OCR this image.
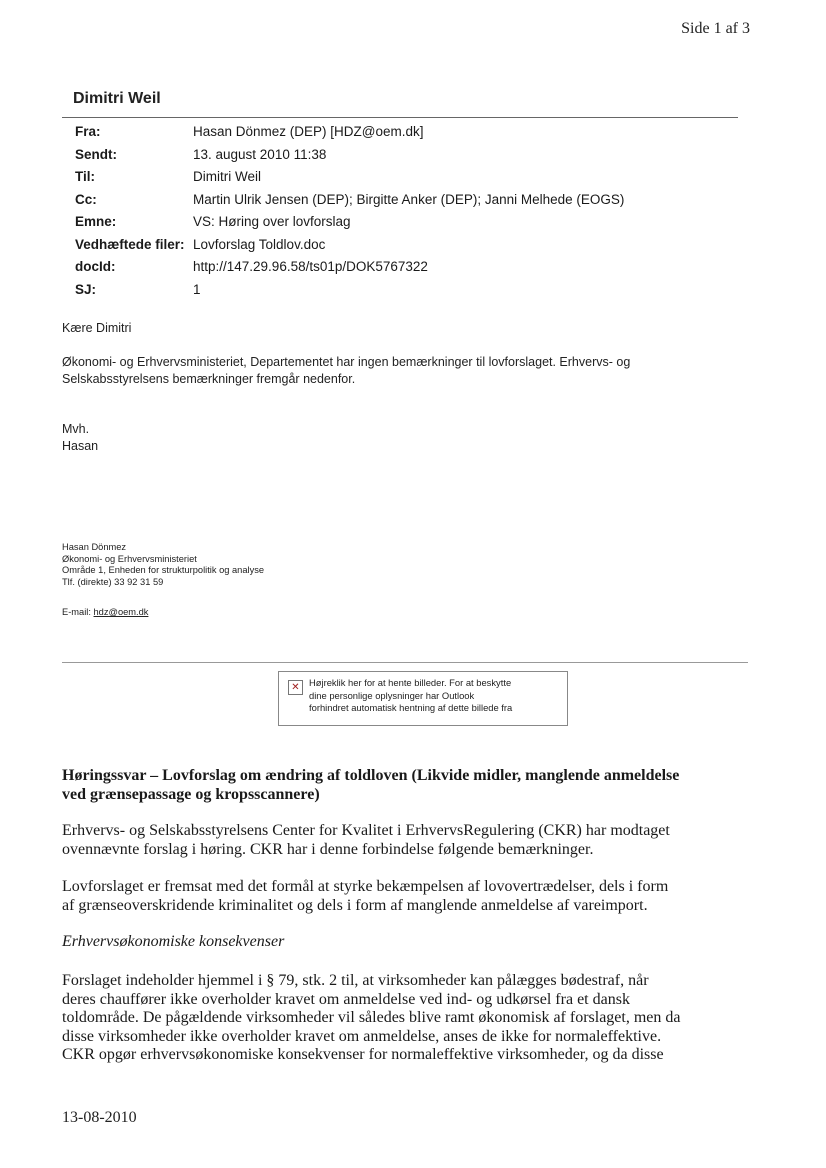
Side 1 af 3
Dimitri Weil
Fra:	Hasan Dönmez (DEP) [HDZ@oem.dk]
Sendt:	13. august 2010 11:38
Til:	Dimitri Weil
Cc:	Martin Ulrik Jensen (DEP); Birgitte Anker (DEP); Janni Melhede (EOGS)
Emne:	VS: Høring over lovforslag
Vedhæftede filer:	Lovforslag Toldlov.doc
docId:	http://147.29.96.58/ts01p/DOK5767322
SJ:	1
Kære Dimitri
Økonomi- og Erhvervsministeriet, Departementet har ingen bemærkninger til lovforslaget. Erhvervs- og
Selskabsstyrelsens bemærkninger fremgår nedenfor.
Mvh.
Hasan
Hasan Dönmez
Økonomi- og Erhvervsministeriet
Område 1, Enheden for strukturpolitik og analyse
Tlf. (direkte) 33 92 31 59
E-mail: hdz@oem.dk
✕ Højreklik her for at hente billeder. For at beskytte
dine personlige oplysninger har Outlook
forhindret automatisk hentning af dette billede fra
Høringssvar – Lovforslag om ændring af toldloven (Likvide midler, manglende anmeldelse
ved grænsepassage og kropsscannere)
Erhvervs- og Selskabsstyrelsens Center for Kvalitet i ErhvervsRegulering (CKR) har modtaget
ovennævnte forslag i høring. CKR har i denne forbindelse følgende bemærkninger.
Lovforslaget er fremsat med det formål at styrke bekæmpelsen af lovovertrædelser, dels i form
af grænseoverskridende kriminalitet og dels i form af manglende anmeldelse af vareimport.
Erhvervsøkonomiske konsekvenser
Forslaget indeholder hjemmel i § 79, stk. 2 til, at virksomheder kan pålægges bødestraf, når
deres chauffører ikke overholder kravet om anmeldelse ved ind- og udkørsel fra et dansk
toldområde. De pågældende virksomheder vil således blive ramt økonomisk af forslaget, men da
disse virksomheder ikke overholder kravet om anmeldelse, anses de ikke for normaleffektive.
CKR opgør erhvervsøkonomiske konsekvenser for normaleffektive virksomheder, og da disse
13-08-2010
